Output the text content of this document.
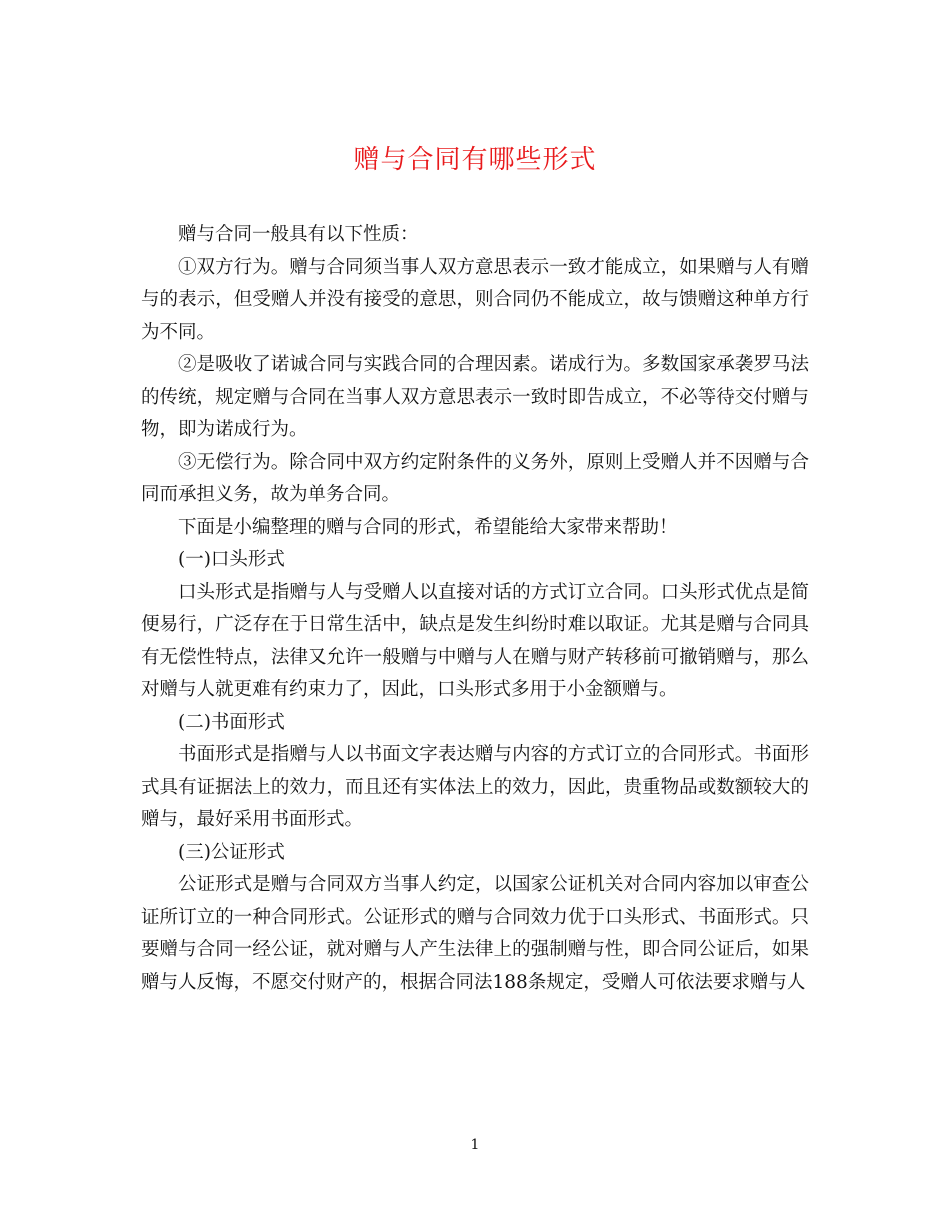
赠与合同有哪些形式

赠与合同一般具有以下性质：

①双方行为。赠与合同须当事人双方意思表示一致才能成立，如果赠与人有赠与的表示，但受赠人并没有接受的意思，则合同仍不能成立，故与馈赠这种单方行为不同。

②是吸收了诺诚合同与实践合同的合理因素。诺成行为。多数国家承袭罗马法的传统，规定赠与合同在当事人双方意思表示一致时即告成立，不必等待交付赠与物，即为诺成行为。

③无偿行为。除合同中双方约定附条件的义务外，原则上受赠人并不因赠与合同而承担义务，故为单务合同。

下面是小编整理的赠与合同的形式，希望能给大家带来帮助！

(一)口头形式

口头形式是指赠与人与受赠人以直接对话的方式订立合同。口头形式优点是简便易行，广泛存在于日常生活中，缺点是发生纠纷时难以取证。尤其是赠与合同具有无偿性特点，法律又允许一般赠与中赠与人在赠与财产转移前可撤销赠与，那么对赠与人就更难有约束力了，因此，口头形式多用于小金额赠与。

(二)书面形式

书面形式是指赠与人以书面文字表达赠与内容的方式订立的合同形式。书面形式具有证据法上的效力，而且还有实体法上的效力，因此，贵重物品或数额较大的赠与，最好采用书面形式。

(三)公证形式

公证形式是赠与合同双方当事人约定，以国家公证机关对合同内容加以审查公证所订立的一种合同形式。公证形式的赠与合同效力优于口头形式、书面形式。只要赠与合同一经公证，就对赠与人产生法律上的强制赠与性，即合同公证后，如果赠与人反悔，不愿交付财产的，根据合同法188条规定，受赠人可依法要求赠与人

1
